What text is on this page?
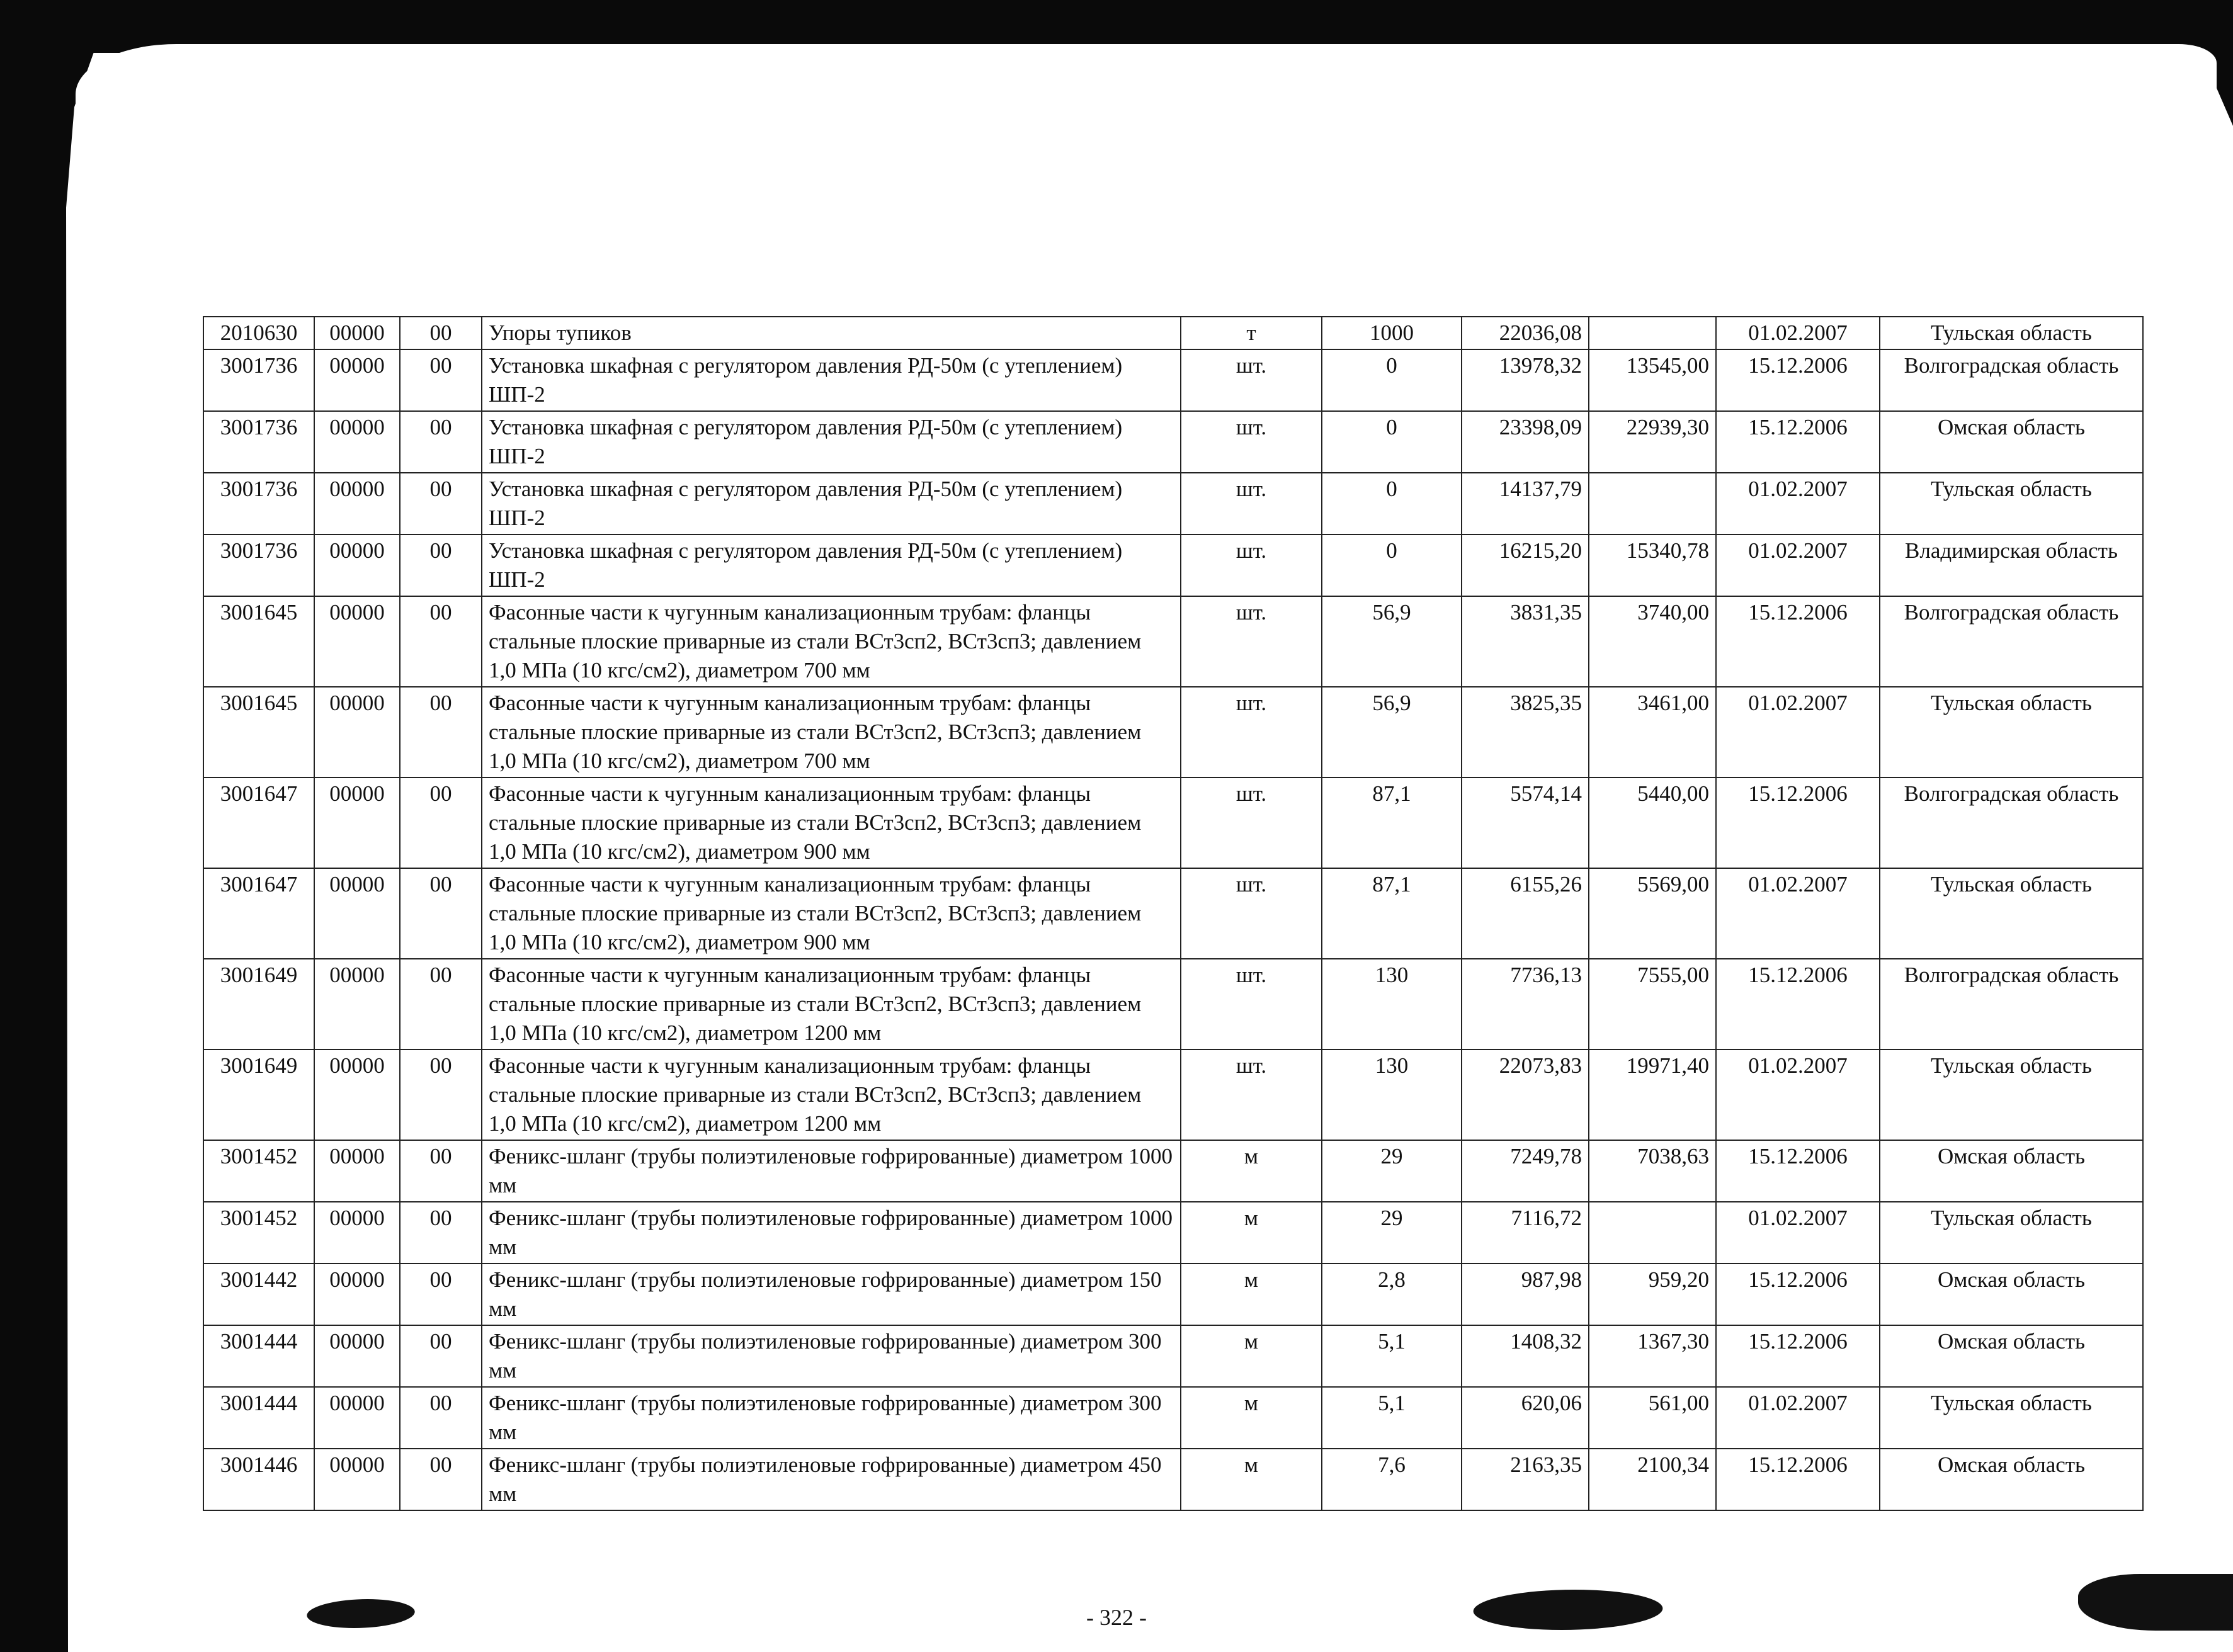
2010630	00000	00	Упоры тупиков	т	1000	22036,08		01.02.2007	Тульская область
3001736	00000	00	Установка шкафная с регулятором давления РД-50м (с утеплением) ШП-2	шт.	0	13978,32	13545,00	15.12.2006	Волгоградская область
3001736	00000	00	Установка шкафная с регулятором давления РД-50м (с утеплением) ШП-2	шт.	0	23398,09	22939,30	15.12.2006	Омская область
3001736	00000	00	Установка шкафная с регулятором давления РД-50м (с утеплением) ШП-2	шт.	0	14137,79		01.02.2007	Тульская область
3001736	00000	00	Установка шкафная с регулятором давления РД-50м (с утеплением) ШП-2	шт.	0	16215,20	15340,78	01.02.2007	Владимирская область
3001645	00000	00	Фасонные части к чугунным канализационным трубам: фланцы стальные плоские приварные из стали ВСт3сп2, ВСт3сп3; давлением 1,0 МПа (10 кгс/см2), диаметром 700 мм	шт.	56,9	3831,35	3740,00	15.12.2006	Волгоградская область
3001645	00000	00	Фасонные части к чугунным канализационным трубам: фланцы стальные плоские приварные из стали ВСт3сп2, ВСт3сп3; давлением 1,0 МПа (10 кгс/см2), диаметром 700 мм	шт.	56,9	3825,35	3461,00	01.02.2007	Тульская область
3001647	00000	00	Фасонные части к чугунным канализационным трубам: фланцы стальные плоские приварные из стали ВСт3сп2, ВСт3сп3; давлением 1,0 МПа (10 кгс/см2), диаметром 900 мм	шт.	87,1	5574,14	5440,00	15.12.2006	Волгоградская область
3001647	00000	00	Фасонные части к чугунным канализационным трубам: фланцы стальные плоские приварные из стали ВСт3сп2, ВСт3сп3; давлением 1,0 МПа (10 кгс/см2), диаметром 900 мм	шт.	87,1	6155,26	5569,00	01.02.2007	Тульская область
3001649	00000	00	Фасонные части к чугунным канализационным трубам: фланцы стальные плоские приварные из стали ВСт3сп2, ВСт3сп3; давлением 1,0 МПа (10 кгс/см2), диаметром 1200 мм	шт.	130	7736,13	7555,00	15.12.2006	Волгоградская область
3001649	00000	00	Фасонные части к чугунным канализационным трубам: фланцы стальные плоские приварные из стали ВСт3сп2, ВСт3сп3; давлением 1,0 МПа (10 кгс/см2), диаметром 1200 мм	шт.	130	22073,83	19971,40	01.02.2007	Тульская область
3001452	00000	00	Феникс-шланг (трубы полиэтиленовые гофрированные) диаметром 1000 мм	м	29	7249,78	7038,63	15.12.2006	Омская область
3001452	00000	00	Феникс-шланг (трубы полиэтиленовые гофрированные) диаметром 1000 мм	м	29	7116,72		01.02.2007	Тульская область
3001442	00000	00	Феникс-шланг (трубы полиэтиленовые гофрированные) диаметром 150 мм	м	2,8	987,98	959,20	15.12.2006	Омская область
3001444	00000	00	Феникс-шланг (трубы полиэтиленовые гофрированные) диаметром 300 мм	м	5,1	1408,32	1367,30	15.12.2006	Омская область
3001444	00000	00	Феникс-шланг (трубы полиэтиленовые гофрированные) диаметром 300 мм	м	5,1	620,06	561,00	01.02.2007	Тульская область
3001446	00000	00	Феникс-шланг (трубы полиэтиленовые гофрированные) диаметром 450 мм	м	7,6	2163,35	2100,34	15.12.2006	Омская область
- 322 -
